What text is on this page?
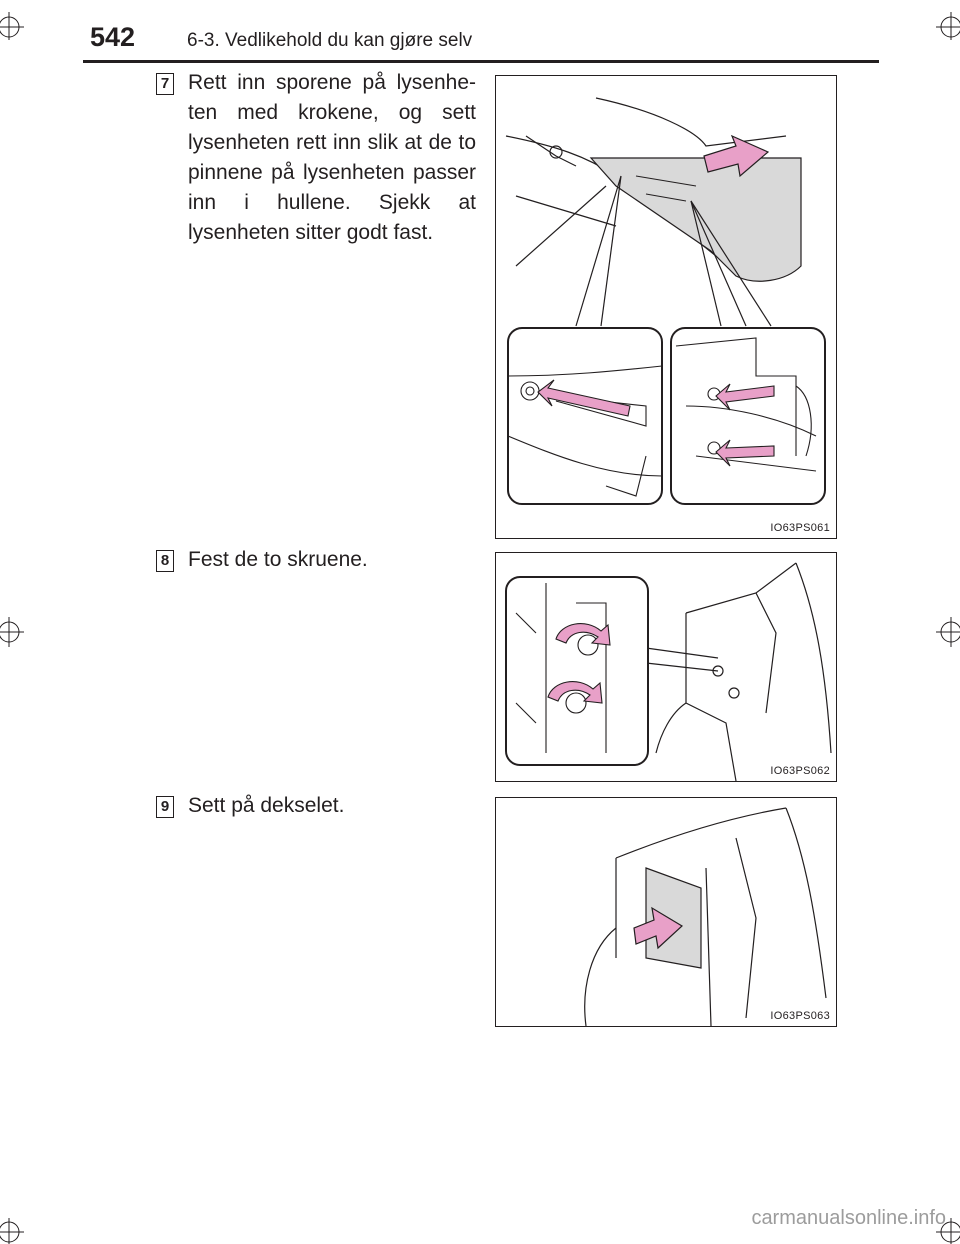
542	6-3. Vedlikehold du kan gjøre selv
7 Rett inn sporene på lysenhe-ten med krokene, og sett lysenheten rett inn slik at de to pinnene på lysenheten passer inn i hullene. Sjekk at lysenheten sitter godt fast.
IO63PS061
8 Fest de to skruene.
IO63PS062
9 Sett på dekselet.
IO63PS063
carmanualsonline.info
